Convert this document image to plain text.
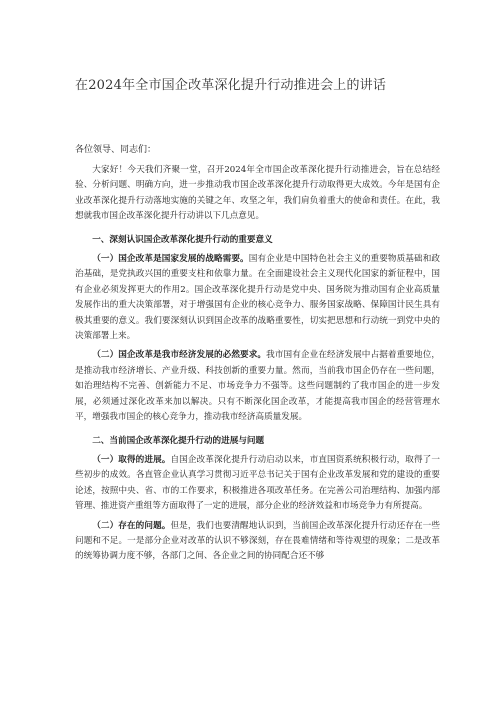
在2024年全市国企改革深化提升行动推进会上的讲话
各位领导、同志们：

大家好！今天我们齐聚一堂，召开2024年全市国企改革深化提升行动推进会，旨在总结经验、分析问题、明确方向，进一步推动我市国企改革深化提升行动取得更大成效。今年是国有企业改革深化提升行动落地实施的关键之年、攻坚之年，我们肩负着重大的使命和责任。在此，我想就我市国企改革深化提升行动讲以下几点意见。

一、深刻认识国企改革深化提升行动的重要意义

（一）国企改革是国家发展的战略需要。国有企业是中国特色社会主义的重要物质基础和政治基础，是党执政兴国的重要支柱和依靠力量。在全面建设社会主义现代化国家的新征程中，国有企业必须发挥更大的作用2。国企改革深化提升行动是党中央、国务院为推动国有企业高质量发展作出的重大决策部署，对于增强国有企业的核心竞争力、服务国家战略、保障国计民生具有极其重要的意义。我们要深刻认识到国企改革的战略重要性，切实把思想和行动统一到党中央的决策部署上来。

（二）国企改革是我市经济发展的必然要求。我市国有企业在经济发展中占据着重要地位，是推动我市经济增长、产业升级、科技创新的重要力量。然而，当前我市国企仍存在一些问题，如治理结构不完善、创新能力不足、市场竞争力不强等。这些问题制约了我市国企的进一步发展，必须通过深化改革来加以解决。只有不断深化国企改革，才能提高我市国企的经营管理水平，增强我市国企的核心竞争力，推动我市经济高质量发展。

二、当前国企改革深化提升行动的进展与问题

（一）取得的进展。自国企改革深化提升行动启动以来，市直国资系统积极行动，取得了一些初步的成效。各直管企业认真学习贯彻习近平总书记关于国有企业改革发展和党的建设的重要论述，按照中央、省、市的工作要求，积极推进各项改革任务。在完善公司治理结构、加强内部管理、推进资产重组等方面取得了一定的进展，部分企业的经济效益和市场竞争力有所提高。

（二）存在的问题。但是，我们也要清醒地认识到，当前国企改革深化提升行动还存在一些问题和不足。一是部分企业对改革的认识不够深刻，存在畏难情绪和等待观望的现象；二是改革的统筹协调力度不够，各部门之间、各企业之间的协同配合还不够
